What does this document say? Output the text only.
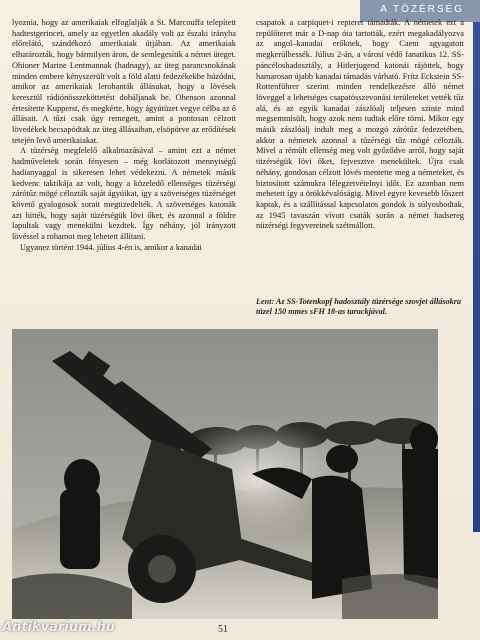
A TÖZÉRSÉG

lyoznia, hogy az amerikaiak elfoglalják a St. Marcouffa telepített hadtestgerincet, amely az egyetlen akadály volt az északi irányba előrelátó, szándékozó amerikaiak útjában. Az amerikaiak elhatározták, hogy bármilyen áron, de semlegesítik a német üteget. Ohioner Marine Lentmannak (hadnagy), az üteg parancsnokának minden embere kényszerült volt a föld alatti fedezékekbe húzódni, amikor az amerikaiak lerohanták állásukat, hogy a lövések keresztül rádiónösszeköttetést dobáljanak be. Ohenson azonnal értesítette Kupperst, és megkérte, hogy ágyútüzet vegye célba az ő állásait. A tűzi csak úgy remegett, amint a pontosan célzott lövedékek becsapódtak az üteg állásaiban, elsöpörve az erődítések tetején levő amerikaiakat.

A tüzérség megfelelő alkalmazásával – amint ezt a német hadműveletek során fényesen – még korlátozott mennyiségű hadianyaggal is sikeresen lehet védekezni. A németek másik kedvenc taktikája az volt, hogy a közeledő ellenséges tüzérségi zárótűz mögé célozták saját ágyúikat, így a szövetséges tüzérséget követő gyalogosok sorait megtizedelték. A szövetséges katonák azt hitték, hogy saját tüzérségük lövi őket, és azonnal a földre lapultak vagy menekülni kezdtek. Így néhány, jól irányzott lövéssel a rohamot meg lehetett állítani.

Ugyanez történt 1944. július 4-én is, amikor a kanadai

csapatok a carpiquet-i repteret támadták. A németek ezt a repülőteret már a D-nap óta tartották, ezért megakadályozva az angol–kanadai erőknek, hogy Caent agyagatott megkerülhessék. Július 2-án, a városi védő fanatikus 12. SS-páncéloshadosztály, a Hitlerjugend katonái rájöttek, hogy hamarosan újabb kanadai támadás várható. Fritz Eckstein SS-Rottenführer szerint minden rendelkezésre álló német löveggel a lehetséges csapatösszevonási területeket vették tűz alá, és az egyik kanadai zászlóalj teljesen szinte mind megsemmisült, hogy azok nem tudtak előre törni. Mikor egy másik zászlóalj indult meg a mozgó zárótűz fedezetében, akkor a németek azonnal a tüzérségi tűz mögé célozták. Mivel a rémült ellenség meg volt győződve arról, hogy saját tüzérségük lövi őket, fejvesztve menekültek. Újra csak néhány, gondosan célzott lövés mentette meg a németeket, és biztosított számukra lélegzetvételnyi időt. Ez azonban nem mehetett így a örökkévalóságig. Mivel egyre kevesebb lőszert kaptak, és a szállítással kapcsolatos gondok is súlyosbodtak, az 1945 tavaszán vívott csaták során a német hadsereg nüzérségi fegyvereinek szétmállott.

Lent: Az SS-Totenkopf hadosztály tüzérsége szovjet állásokra tüzel 150 mmes sFH 18-as tarackjával.
51
Antikvarium.hu
